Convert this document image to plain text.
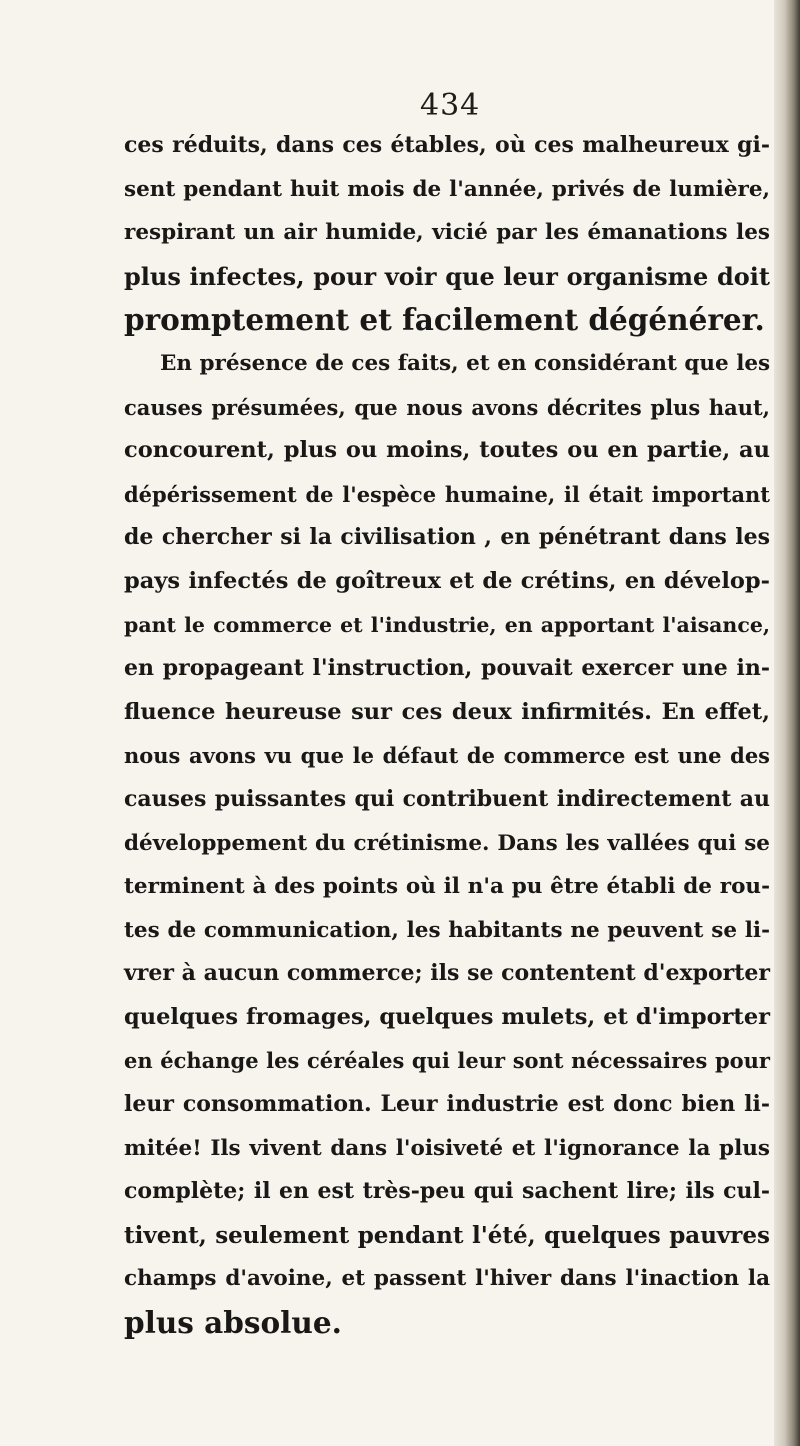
434
ces réduits, dans ces étables, où ces malheureux gi-
sent pendant huit mois de l'année, privés de lumière,
respirant un air humide, vicié par les émanations les
plus infectes, pour voir que leur organisme doit
promptement et facilement dégénérer.
En présence de ces faits, et en considérant que les
causes présumées, que nous avons décrites plus haut,
concourent, plus ou moins, toutes ou en partie, au
dépérissement de l'espèce humaine, il était important
de chercher si la civilisation , en pénétrant dans les
pays infectés de goîtreux et de crétins, en dévelop-
pant le commerce et l'industrie, en apportant l'aisance,
en propageant l'instruction, pouvait exercer une in-
fluence heureuse sur ces deux infirmités. En effet,
nous avons vu que le défaut de commerce est une des
causes puissantes qui contribuent indirectement au
développement du crétinisme. Dans les vallées qui se
terminent à des points où il n'a pu être établi de rou-
tes de communication, les habitants ne peuvent se li-
vrer à aucun commerce; ils se contentent d'exporter
quelques fromages, quelques mulets, et d'importer
en échange les céréales qui leur sont nécessaires pour
leur consommation. Leur industrie est donc bien li-
mitée! Ils vivent dans l'oisiveté et l'ignorance la plus
complète; il en est très-peu qui sachent lire; ils cul-
tivent, seulement pendant l'été, quelques pauvres
champs d'avoine, et passent l'hiver dans l'inaction la
plus absolue.
